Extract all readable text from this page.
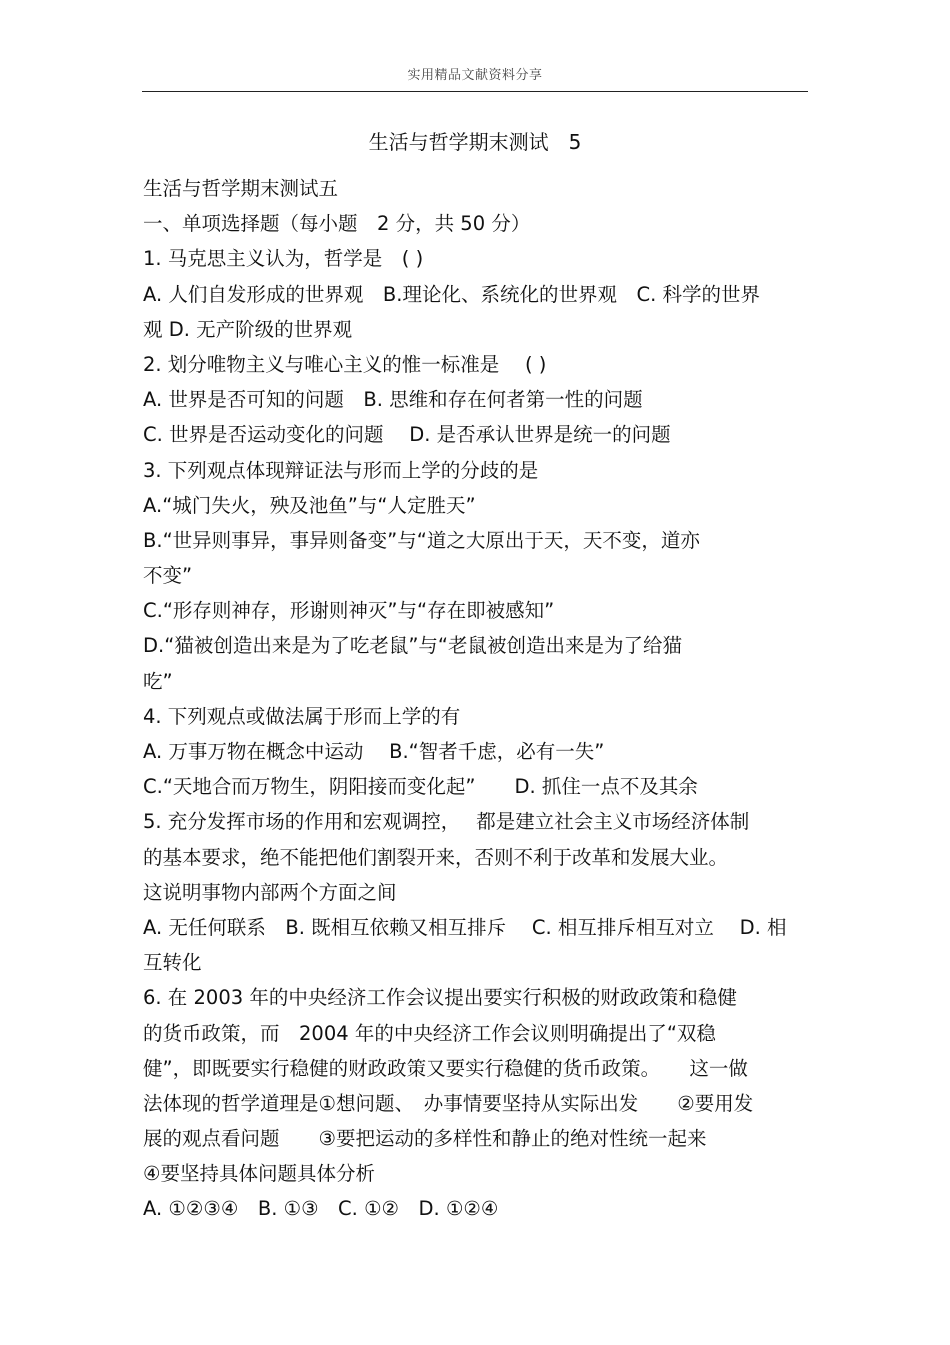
实用精品文献资料分享
生活与哲学期末测试　5
生活与哲学期末测试五
一、单项选择题（每小题　2 分，共 50 分）
1. 马克思主义认为，哲学是　( )
A. 人们自发形成的世界观　B.理论化、系统化的世界观　C. 科学的世界
观 D. 无产阶级的世界观
2. 划分唯物主义与唯心主义的惟一标准是　 ( )
A. 世界是否可知的问题　B. 思维和存在何者第一性的问题
C. 世界是否运动变化的问题　 D. 是否承认世界是统一的问题
3. 下列观点体现辩证法与形而上学的分歧的是
A.“城门失火，殃及池鱼”与“人定胜天”
B.“世异则事异，事异则备变”与“道之大原出于天，天不变，道亦
不变”
C.“形存则神存，形谢则神灭”与“存在即被感知”
D.“猫被创造出来是为了吃老鼠”与“老鼠被创造出来是为了给猫
吃”
4. 下列观点或做法属于形而上学的有
A. 万事万物在概念中运动　 B.“智者千虑，必有一失”
C.“天地合而万物生，阴阳接而变化起”　　D. 抓住一点不及其余
5. 充分发挥市场的作用和宏观调控，　 都是建立社会主义市场经济体制
的基本要求，绝不能把他们割裂开来，否则不利于改革和发展大业。
这说明事物内部两个方面之间
A. 无任何联系　B. 既相互依赖又相互排斥　 C. 相互排斥相互对立　 D. 相
互转化
6. 在 2003 年的中央经济工作会议提出要实行积极的财政政策和稳健
的货币政策，而　2004 年的中央经济工作会议则明确提出了“双稳
健”，即既要实行稳健的财政政策又要实行稳健的货币政策。　　这一做
法体现的哲学道理是①想问题、　办事情要坚持从实际出发　　②要用发
展的观点看问题　　③要把运动的多样性和静止的绝对性统一起来
④要坚持具体问题具体分析
A. ①②③④　B. ①③　C. ①②　D. ①②④
